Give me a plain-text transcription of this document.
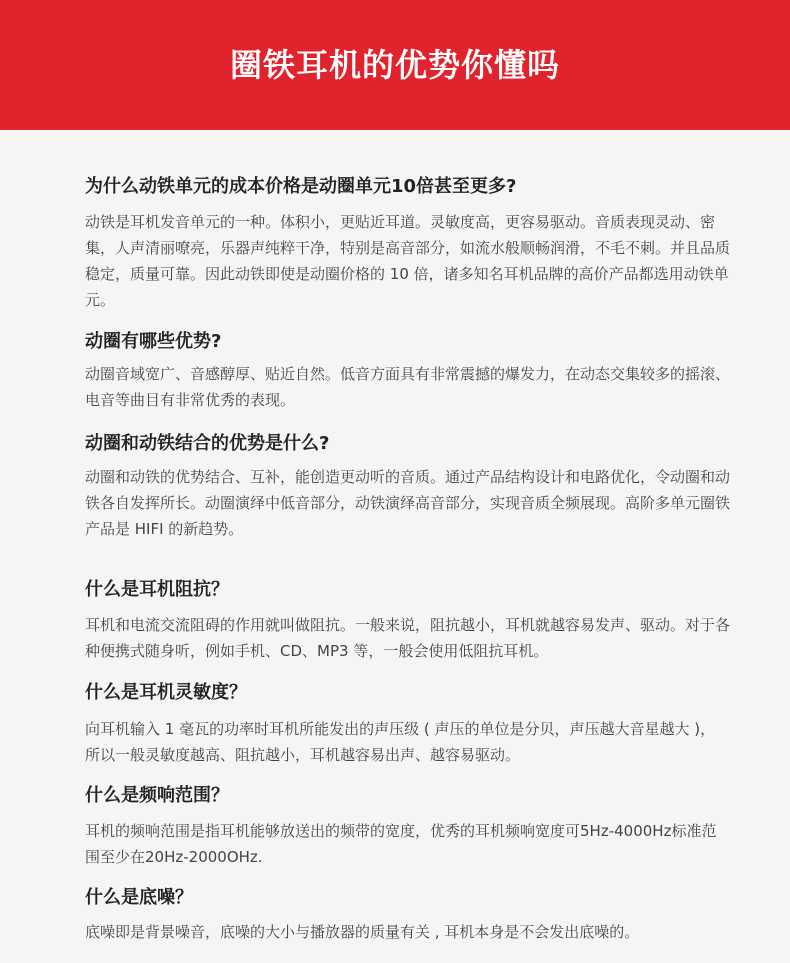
圈铁耳机的优势你懂吗

为什么动铁单元的成本价格是动圈单元10倍甚至更多?

动铁是耳机发音单元的一种。体积小，更贴近耳道。灵敏度高，更容易驱动。音质表现灵动、密集，人声清丽嘹亮，乐器声纯粹干净，特别是高音部分，如流水般顺畅润滑，不毛不刺。并且品质稳定，质量可靠。因此动铁即使是动圈价格的 10 倍，诸多知名耳机品牌的高价产品都选用动铁单元。

动圈有哪些优势?

动圈音域宽广、音感醇厚、贴近自然。低音方面具有非常震撼的爆发力，在动态交集较多的摇滚、电音等曲目有非常优秀的表现。

动圈和动铁结合的优势是什么?

动圈和动铁的优势结合、互补，能创造更动听的音质。通过产品结构设计和电路优化，令动圈和动铁各自发挥所长。动圈演绎中低音部分，动铁演绎高音部分，实现音质全频展现。高阶多单元圈铁产品是 HIFI 的新趋势。

什么是耳机阻抗？

耳机和电流交流阻碍的作用就叫做阻抗。一般来说，阻抗越小，耳机就越容易发声、驱动。对于各种便携式随身听，例如手机、CD、MP3 等，一般会使用低阻抗耳机。

什么是耳机灵敏度？

向耳机输入 1 毫瓦的功率时耳机所能发出的声压级 ( 声压的单位是分贝，声压越大音星越大 )，所以一般灵敏度越高、阻抗越小，耳机越容易出声、越容易驱动。

什么是频响范围？

耳机的频响范围是指耳机能够放送出的频带的宽度，优秀的耳机频响宽度可5Hz-4000Hz标准范围至少在20Hz-2000OHz.

什么是底噪？

底噪即是背景噪音，底噪的大小与播放器的质量有关 , 耳机本身是不会发出底噪的。
